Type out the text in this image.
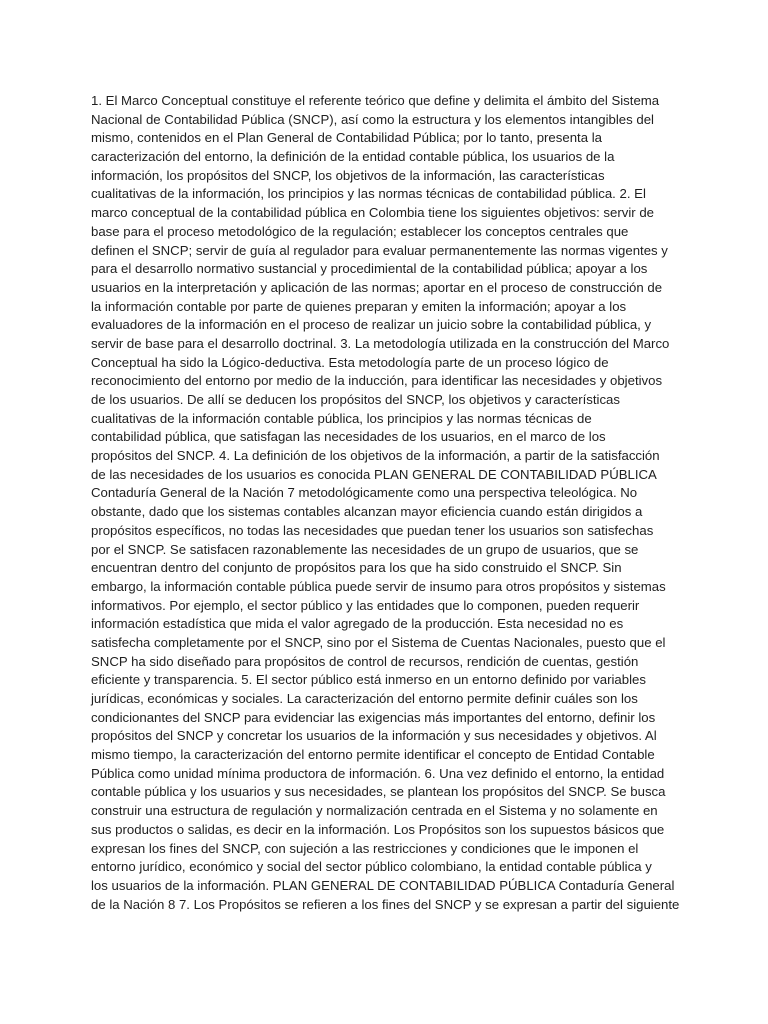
1. El Marco Conceptual constituye el referente teórico que define y delimita el ámbito del Sistema
Nacional de Contabilidad Pública (SNCP), así como la estructura y los elementos intangibles del
mismo, contenidos en el Plan General de Contabilidad Pública; por lo tanto, presenta la
caracterización del entorno, la definición de la entidad contable pública, los usuarios de la
información, los propósitos del SNCP, los objetivos de la información, las características
cualitativas de la información, los principios y las normas técnicas de contabilidad pública. 2. El
marco conceptual de la contabilidad pública en Colombia tiene los siguientes objetivos: servir de
base para el proceso metodológico de la regulación; establecer los conceptos centrales que
definen el SNCP; servir de guía al regulador para evaluar permanentemente las normas vigentes y
para el desarrollo normativo sustancial y procedimiental de la contabilidad pública; apoyar a los
usuarios en la interpretación y aplicación de las normas; aportar en el proceso de construcción de
la información contable por parte de quienes preparan y emiten la información; apoyar a los
evaluadores de la información en el proceso de realizar un juicio sobre la contabilidad pública, y
servir de base para el desarrollo doctrinal. 3. La metodología utilizada en la construcción del Marco
Conceptual ha sido la Lógico-deductiva. Esta metodología parte de un proceso lógico de
reconocimiento del entorno por medio de la inducción, para identificar las necesidades y objetivos
de los usuarios. De allí se deducen los propósitos del SNCP, los objetivos y características
cualitativas de la información contable pública, los principios y las normas técnicas de
contabilidad pública, que satisfagan las necesidades de los usuarios, en el marco de los
propósitos del SNCP. 4. La definición de los objetivos de la información, a partir de la satisfacción
de las necesidades de los usuarios es conocida PLAN GENERAL DE CONTABILIDAD PÚBLICA
Contaduría General de la Nación 7 metodológicamente como una perspectiva teleológica. No
obstante, dado que los sistemas contables alcanzan mayor eficiencia cuando están dirigidos a
propósitos específicos, no todas las necesidades que puedan tener los usuarios son satisfechas
por el SNCP. Se satisfacen razonablemente las necesidades de un grupo de usuarios, que se
encuentran dentro del conjunto de propósitos para los que ha sido construido el SNCP. Sin
embargo, la información contable pública puede servir de insumo para otros propósitos y sistemas
informativos. Por ejemplo, el sector público y las entidades que lo componen, pueden requerir
información estadística que mida el valor agregado de la producción. Esta necesidad no es
satisfecha completamente por el SNCP, sino por el Sistema de Cuentas Nacionales, puesto que el
SNCP ha sido diseñado para propósitos de control de recursos, rendición de cuentas, gestión
eficiente y transparencia. 5. El sector público está inmerso en un entorno definido por variables
jurídicas, económicas y sociales. La caracterización del entorno permite definir cuáles son los
condicionantes del SNCP para evidenciar las exigencias más importantes del entorno, definir los
propósitos del SNCP y concretar los usuarios de la información y sus necesidades y objetivos. Al
mismo tiempo, la caracterización del entorno permite identificar el concepto de Entidad Contable
Pública como unidad mínima productora de información. 6. Una vez definido el entorno, la entidad
contable pública y los usuarios y sus necesidades, se plantean los propósitos del SNCP. Se busca
construir una estructura de regulación y normalización centrada en el Sistema y no solamente en
sus productos o salidas, es decir en la información. Los Propósitos son los supuestos básicos que
expresan los fines del SNCP, con sujeción a las restricciones y condiciones que le imponen el
entorno jurídico, económico y social del sector público colombiano, la entidad contable pública y
los usuarios de la información. PLAN GENERAL DE CONTABILIDAD PÚBLICA Contaduría General
de la Nación 8 7. Los Propósitos se refieren a los fines del SNCP y se expresan a partir del siguiente
